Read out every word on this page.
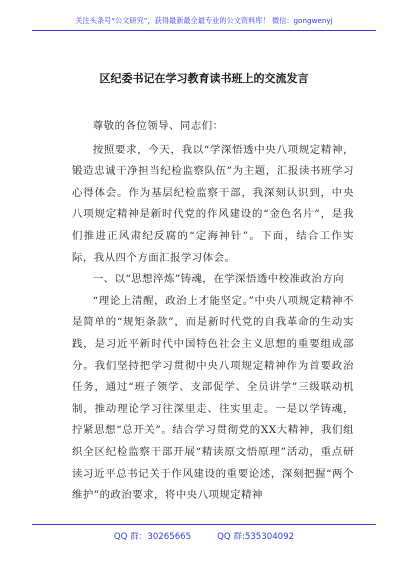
关注头条号“公文研究”，获得最新最全最专业的公文资料库！ 微信：gongwenyj
区纪委书记在学习教育读书班上的交流发言

尊敬的各位领导、同志们：

按照要求，今天，我以“学深悟透中央八项规定精神，锻造忠诚干净担当纪检监察队伍”为主题，汇报读书班学习心得体会。作为基层纪检监察干部，我深刻认识到，中央八项规定精神是新时代党的作风建设的“金色名片”，是我们推进正风肃纪反腐的“定海神针”。下面，结合工作实际，我从四个方面汇报学习体会。

一、以“思想淬炼”铸魂，在学深悟透中校准政治方向

“理论上清醒，政治上才能坚定。”中央八项规定精神不是简单的“规矩条款”，而是新时代党的自我革命的生动实践，是习近平新时代中国特色社会主义思想的重要组成部分。我们坚持把学习贯彻中央八项规定精神作为首要政治任务，通过“班子领学、支部促学、全员讲学”三级联动机制，推动理论学习往深里走、往实里走。一是以学铸魂，拧紧思想“总开关”。结合学习贯彻党的XX大精神，我们组织全区纪检监察干部开展“精读原文悟原理”活动，重点研读习近平总书记关于作风建设的重要论述，深刻把握“两个维护”的政治要求，将中央八项规定精神

QQ 群：30265665	QQ 群:535304092
